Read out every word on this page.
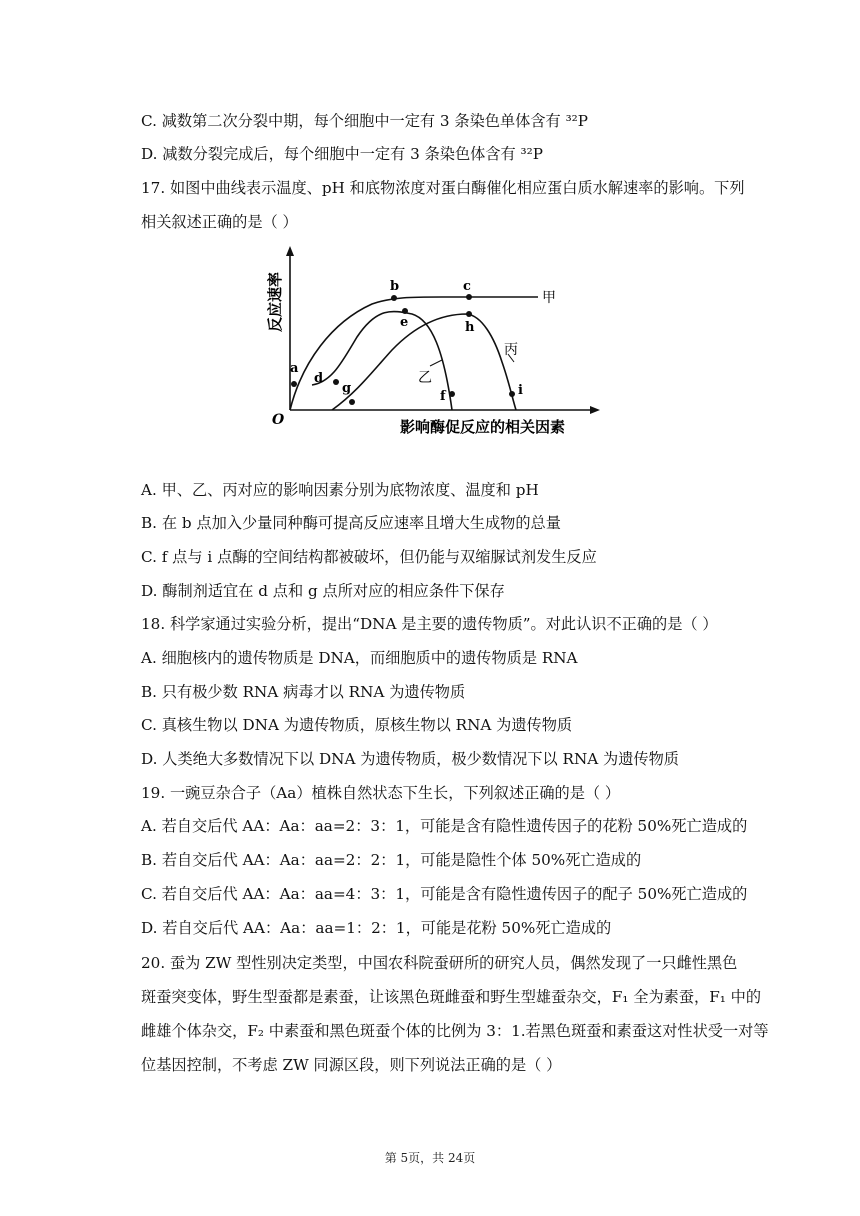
C. 减数第二次分裂中期，每个细胞中一定有 3 条染色单体含有 ³²P
D. 减数分裂完成后，每个细胞中一定有 3 条染色体含有 ³²P
17. 如图中曲线表示温度、pH 和底物浓度对蛋白酶催化相应蛋白质水解速率的影响。下列
相关叙述正确的是（ ）
A. 甲、乙、丙对应的影响因素分别为底物浓度、温度和 pH
B. 在 b 点加入少量同种酶可提高反应速率且增大生成物的总量
C. f 点与 i 点酶的空间结构都被破坏，但仍能与双缩脲试剂发生反应
D. 酶制剂适宜在 d 点和 g 点所对应的相应条件下保存
18. 科学家通过实验分析，提出“DNA 是主要的遗传物质”。对此认识不正确的是（ ）
A. 细胞核内的遗传物质是 DNA，而细胞质中的遗传物质是 RNA
B. 只有极少数 RNA 病毒才以 RNA 为遗传物质
C. 真核生物以 DNA 为遗传物质，原核生物以 RNA 为遗传物质
D. 人类绝大多数情况下以 DNA 为遗传物质，极少数情况下以 RNA 为遗传物质
19. 一豌豆杂合子（Aa）植株自然状态下生长，下列叙述正确的是（ ）
A. 若自交后代 AA：Aa：aa=2：3：1，可能是含有隐性遗传因子的花粉 50%死亡造成的
B. 若自交后代 AA：Aa：aa=2：2：1，可能是隐性个体 50%死亡造成的
C. 若自交后代 AA：Aa：aa=4：3：1，可能是含有隐性遗传因子的配子 50%死亡造成的
D. 若自交后代 AA：Aa：aa=1：2：1，可能是花粉 50%死亡造成的
20. 蚕为 ZW 型性别决定类型，中国农科院蚕研所的研究人员，偶然发现了一只雌性黑色
斑蚕突变体，野生型蚕都是素蚕，让该黑色斑雌蚕和野生型雄蚕杂交，F₁ 全为素蚕，F₁ 中的
雌雄个体杂交，F₂ 中素蚕和黑色斑蚕个体的比例为 3：1.若黑色斑蚕和素蚕这对性状受一对等
位基因控制，不考虑 ZW 同源区段，则下列说法正确的是（ ）
a
b	c
d
e
f
g
h
i
甲
乙
丙
O	影响酶促反应的相关因素
反应速率
第 5页，共 24页
